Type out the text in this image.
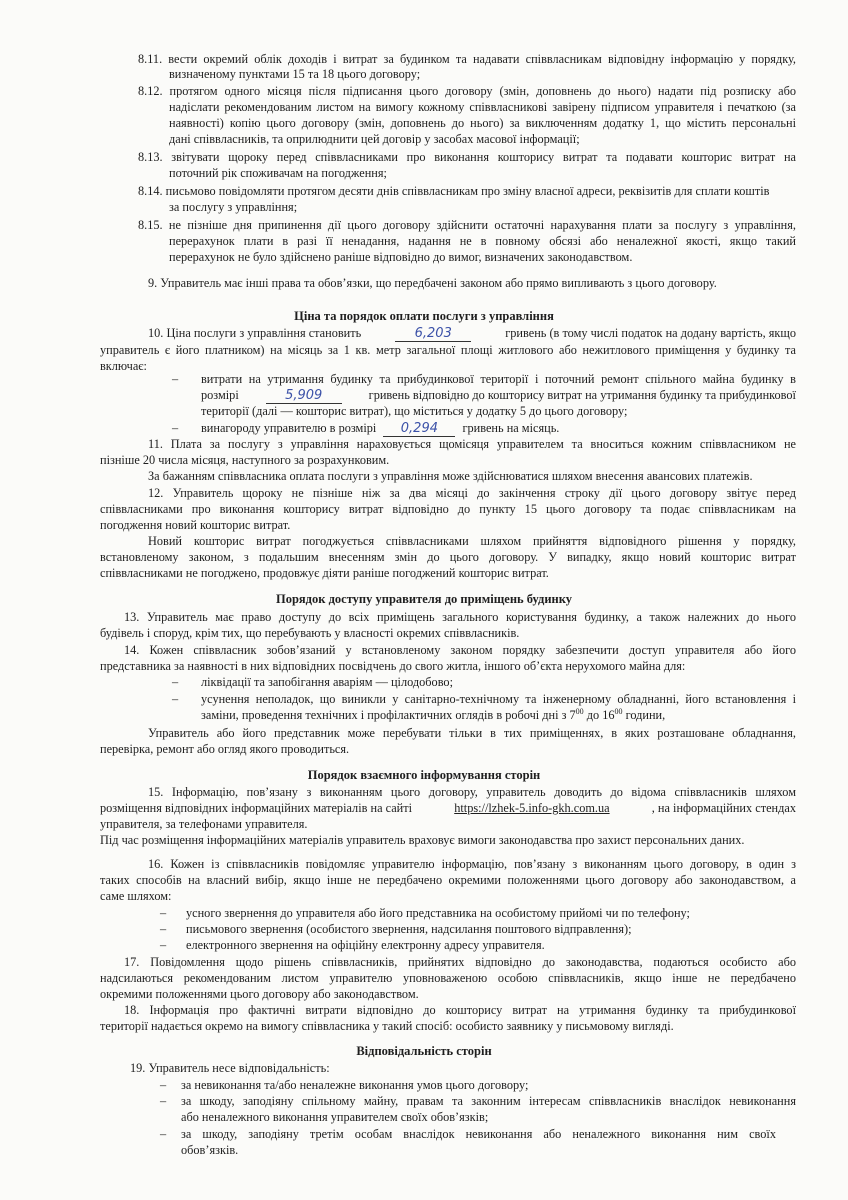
8.11. вести окремий облік доходів і витрат за будинком та надавати співвласникам відповідну інформацію у порядку,
визначеному пунктами 15 та 18 цього договору;
8.12. протягом одного місяця після підписання цього договору (змін, доповнень до нього) надати під розписку або
надіслати рекомендованим листом на вимогу кожному співвласникові завірену підписом управителя і печаткою (за
наявності) копію цього договору (змін, доповнень до нього) за виключенням додатку 1, що містить персональні
дані співвласників, та оприлюднити цей договір у засобах масової інформації;
8.13. звітувати щороку перед співвласниками про виконання кошторису витрат та подавати кошторис витрат на
поточний рік споживачам на погодження;
8.14. письмово повідомляти протягом десяти днів співвласникам про зміну власної адреси, реквізитів для сплати коштів
за послугу з управління;
8.15. не пізніше дня припинення дії цього договору здійснити остаточні нарахування плати за послугу з управління,
перерахунок плати в разі її ненадання, надання не в повному обсязі або неналежної якості, якщо такий
перерахунок не було здійснено раніше відповідно до вимог, визначених законодавством.
9. Управитель має інші права та обов’язки, що передбачені законом або прямо випливають з цього договору.
Ціна та порядок оплати послуги з управління
10. Ціна послуги з управління становить	6,203	гривень (в тому числі податок на додану вартість, якщо
управитель є його платником) на місяць за 1 кв. метр загальної площі житлового або нежитлового приміщення у будинку та
включає:
– витрати на утримання будинку та прибудинкової території і поточний ремонт спільного майна будинку в
розмірі	5,909	гривень відповідно до кошторису витрат на утримання будинку та прибудинкової
території (далі — кошторис витрат), що міститься у додатку 5 до цього договору;
– винагороду управителю в розмірі 0,294 гривень на місяць.
11. Плата за послугу з управління нараховується щомісяця управителем та вноситься кожним співвласником не
пізніше 20 числа місяця, наступного за розрахунковим.
За бажанням співвласника оплата послуги з управління може здійснюватися шляхом внесення авансових платежів.
12. Управитель щороку не пізніше ніж за два місяці до закінчення строку дії цього договору звітує перед
співвласниками про виконання кошторису витрат відповідно до пункту 15 цього договору та подає співвласникам на
погодження новий кошторис витрат.
Новий кошторис витрат погоджується співвласниками шляхом прийняття відповідного рішення у порядку,
встановленому законом, з подальшим внесенням змін до цього договору. У випадку, якщо новий кошторис витрат
співвласниками не погоджено, продовжує діяти раніше погоджений кошторис витрат.
Порядок доступу управителя до приміщень будинку
13. Управитель має право доступу до всіх приміщень загального користування будинку, а також належних до нього
будівель і споруд, крім тих, що перебувають у власності окремих співвласників.
14. Кожен співвласник зобов’язаний у встановленому законом порядку забезпечити доступ управителя або його
представника за наявності в них відповідних посвідчень до свого житла, іншого об’єкта нерухомого майна для:
– ліквідації та запобігання аваріям — цілодобово;
– усунення неполадок, що виникли у санітарно-технічному та інженерному обладнанні, його встановлення і
заміни, проведення технічних і профілактичних оглядів в робочі дні з $7^{00}$ до $16^{00}$ години,
Управитель або його представник може перебувати тільки в тих приміщеннях, в яких розташоване обладнання,
перевірка, ремонт або огляд якого проводиться.
Порядок взаємного інформування сторін
15. Інформацію, пов’язану з виконанням цього договору, управитель доводить до відома співвласників шляхом
розміщення відповідних інформаційних матеріалів на сайті	https://lzhek-5.info-gkh.com.ua	, на інформаційних стендах
управителя, за телефонами управителя.
Під час розміщення інформаційних матеріалів управитель враховує вимоги законодавства про захист персональних даних.
16. Кожен із співвласників повідомляє управителю інформацію, пов’язану з виконанням цього договору, в один з
таких способів на власний вибір, якщо інше не передбачено окремими положеннями цього договору або законодавством, а
саме шляхом:
– усного звернення до управителя або його представника на особистому прийомі чи по телефону;
– письмового звернення (особистого звернення, надсилання поштового відправлення);
– електронного звернення на офіційну електронну адресу управителя.
17. Повідомлення щодо рішень співвласників, прийнятих відповідно до законодавства, подаються особисто або
надсилаються рекомендованим листом управителю уповноваженою особою співвласників, якщо інше не передбачено
окремими положеннями цього договору або законодавством.
18. Інформація про фактичні витрати відповідно до кошторису витрат на утримання будинку та прибудинкової
території надається окремо на вимогу співвласника у такий спосіб: особисто заявнику у письмовому вигляді.
Відповідальність сторін
19. Управитель несе відповідальність:
– за невиконання та/або неналежне виконання умов цього договору;
– за шкоду, заподіяну спільному майну, правам та законним інтересам співвласників внаслідок невиконання
або неналежного виконання управителем своїх обов’язків;
– за шкоду, заподіяну третім особам внаслідок невиконання або неналежного виконання ним своїх
обов’язків.
